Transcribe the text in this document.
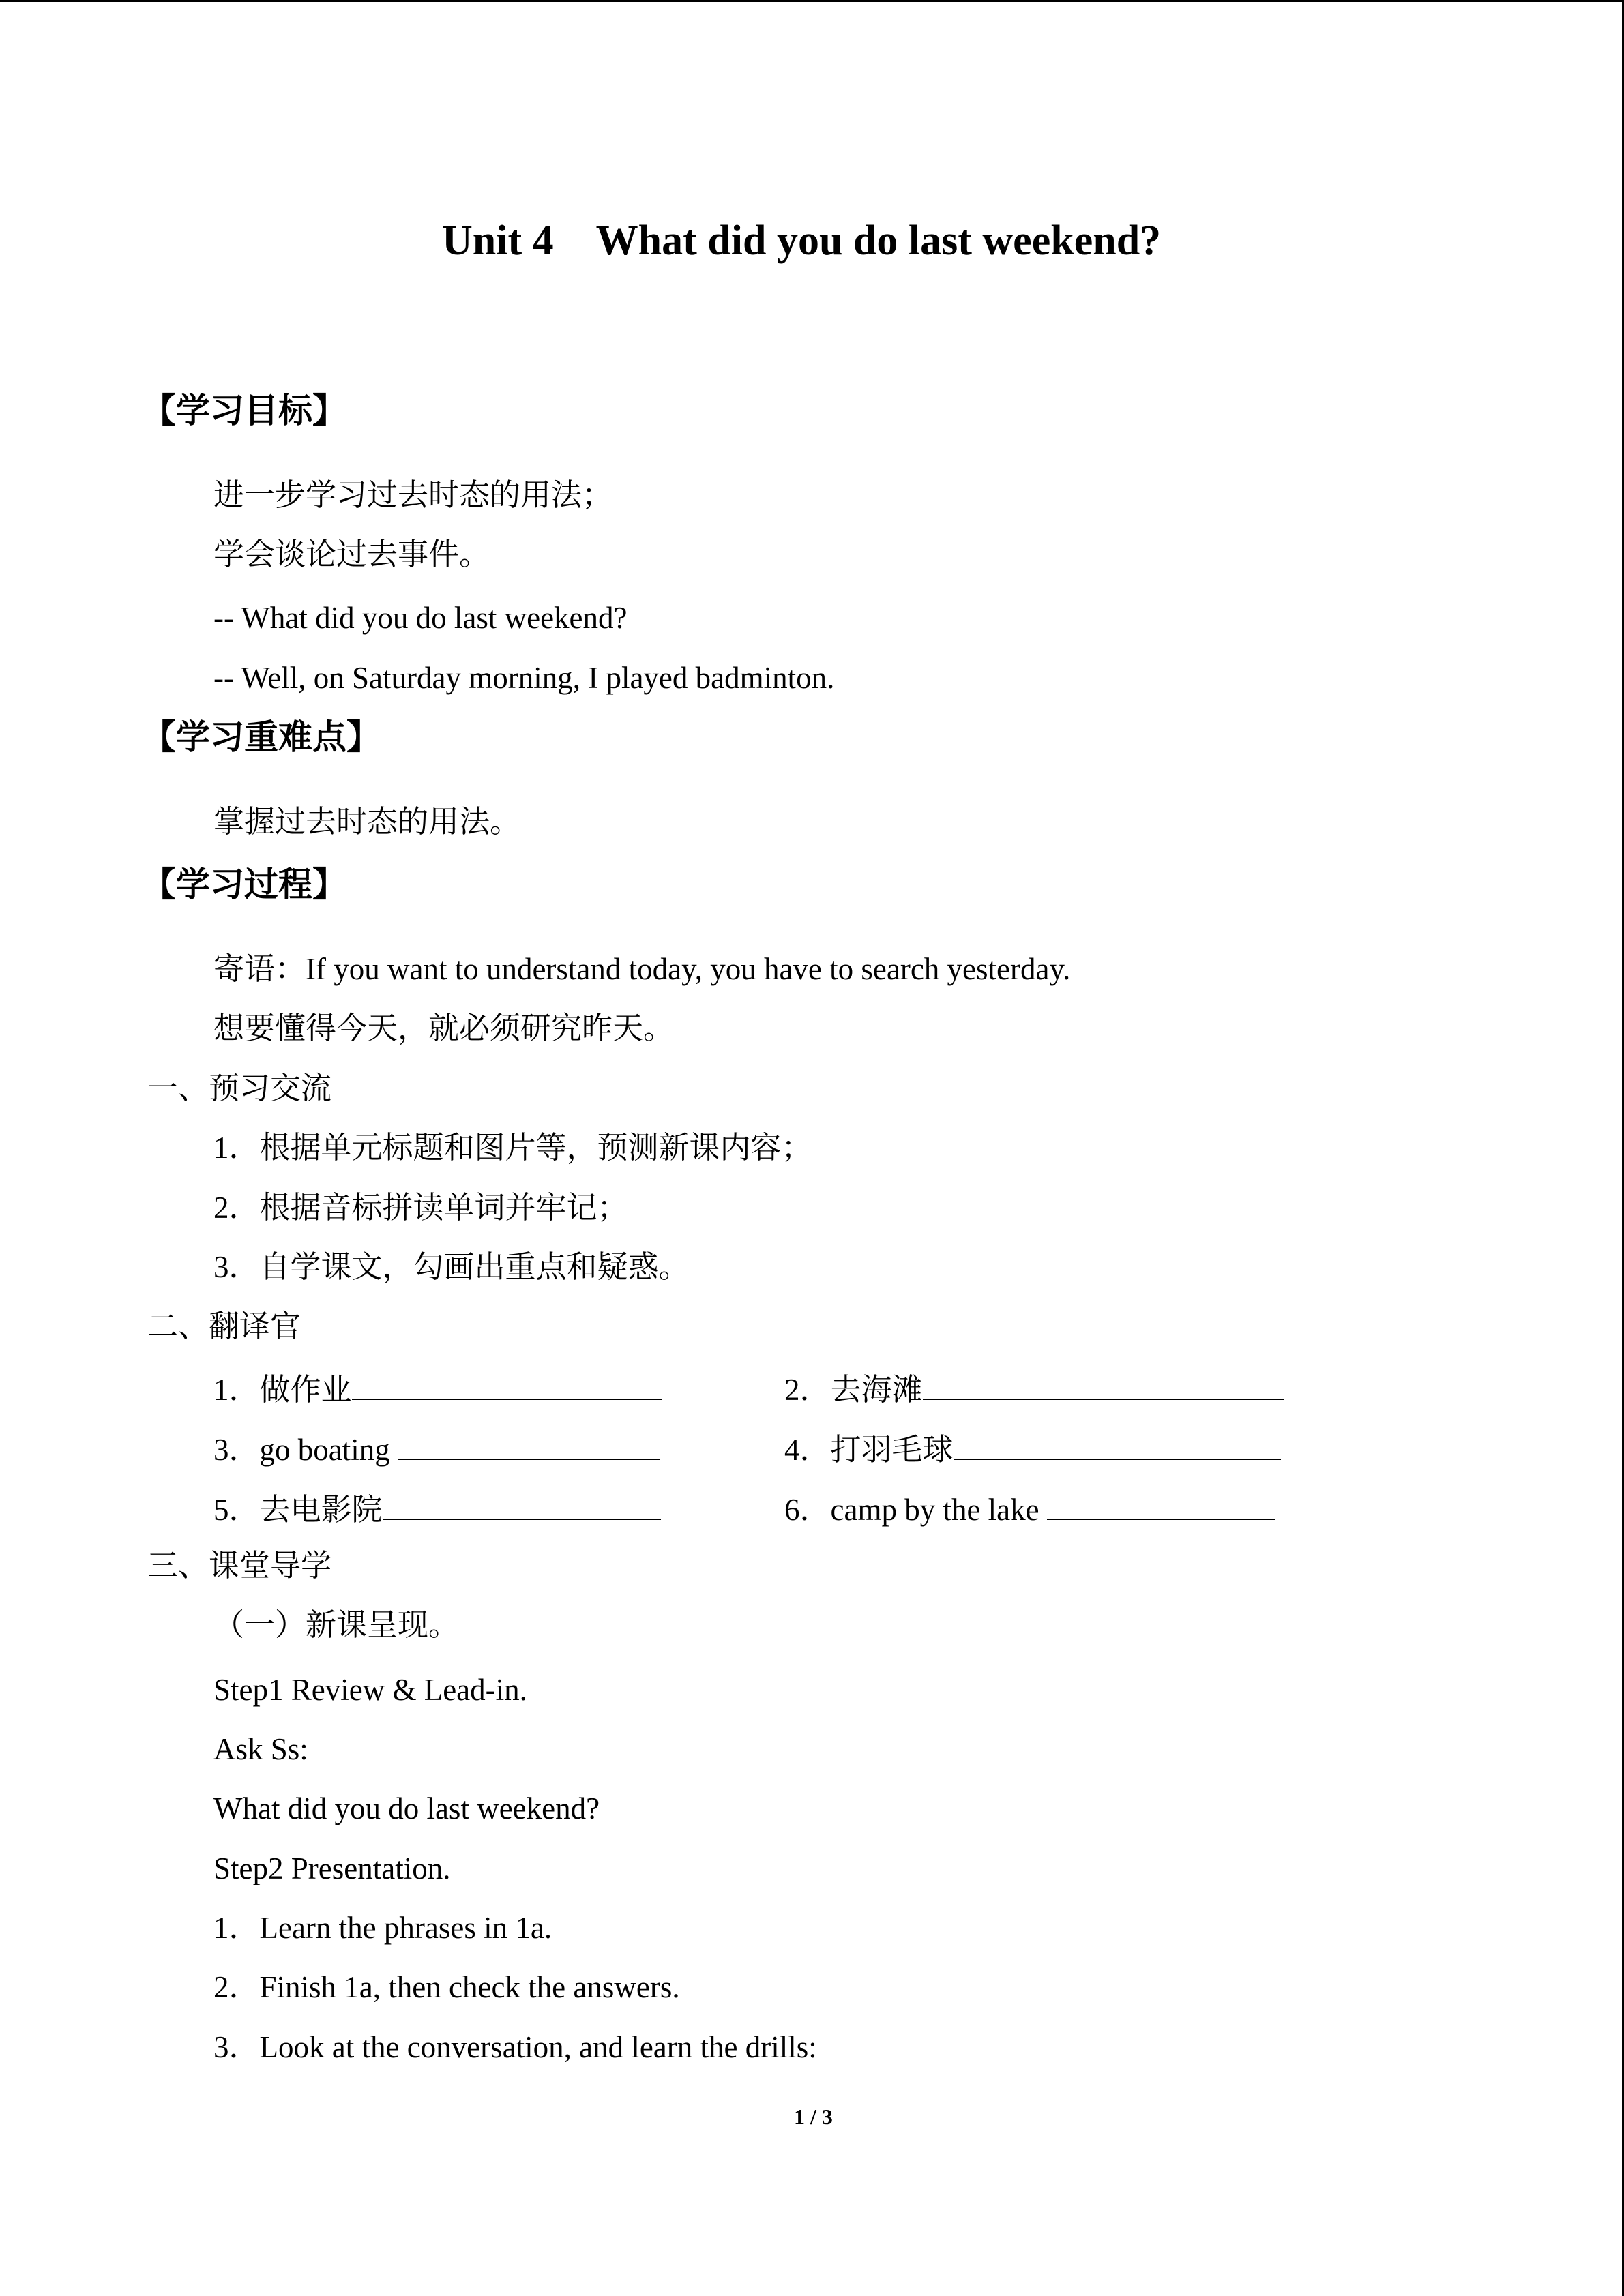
Unit 4　What did you do last weekend?
【学习目标】
进一步学习过去时态的用法；
学会谈论过去事件。
-- What did you do last weekend?
-- Well, on Saturday morning, I played badminton.
【学习重难点】
掌握过去时态的用法。
【学习过程】
寄语：If you want to understand today, you have to search yesterday.
想要懂得今天，就必须研究昨天。
一、预习交流
1．根据单元标题和图片等，预测新课内容；
2．根据音标拼读单词并牢记；
3．自学课文，勾画出重点和疑惑。
二、翻译官
1．做作业	2．去海滩
3．go boating	4．打羽毛球
5．去电影院	6．camp by the lake
三、课堂导学
（一）新课呈现。
Step1 Review & Lead-in.
Ask Ss:
What did you do last weekend?
Step2 Presentation.
1．Learn the phrases in 1a.
2．Finish 1a, then check the answers.
3．Look at the conversation, and learn the drills:
1 / 3
